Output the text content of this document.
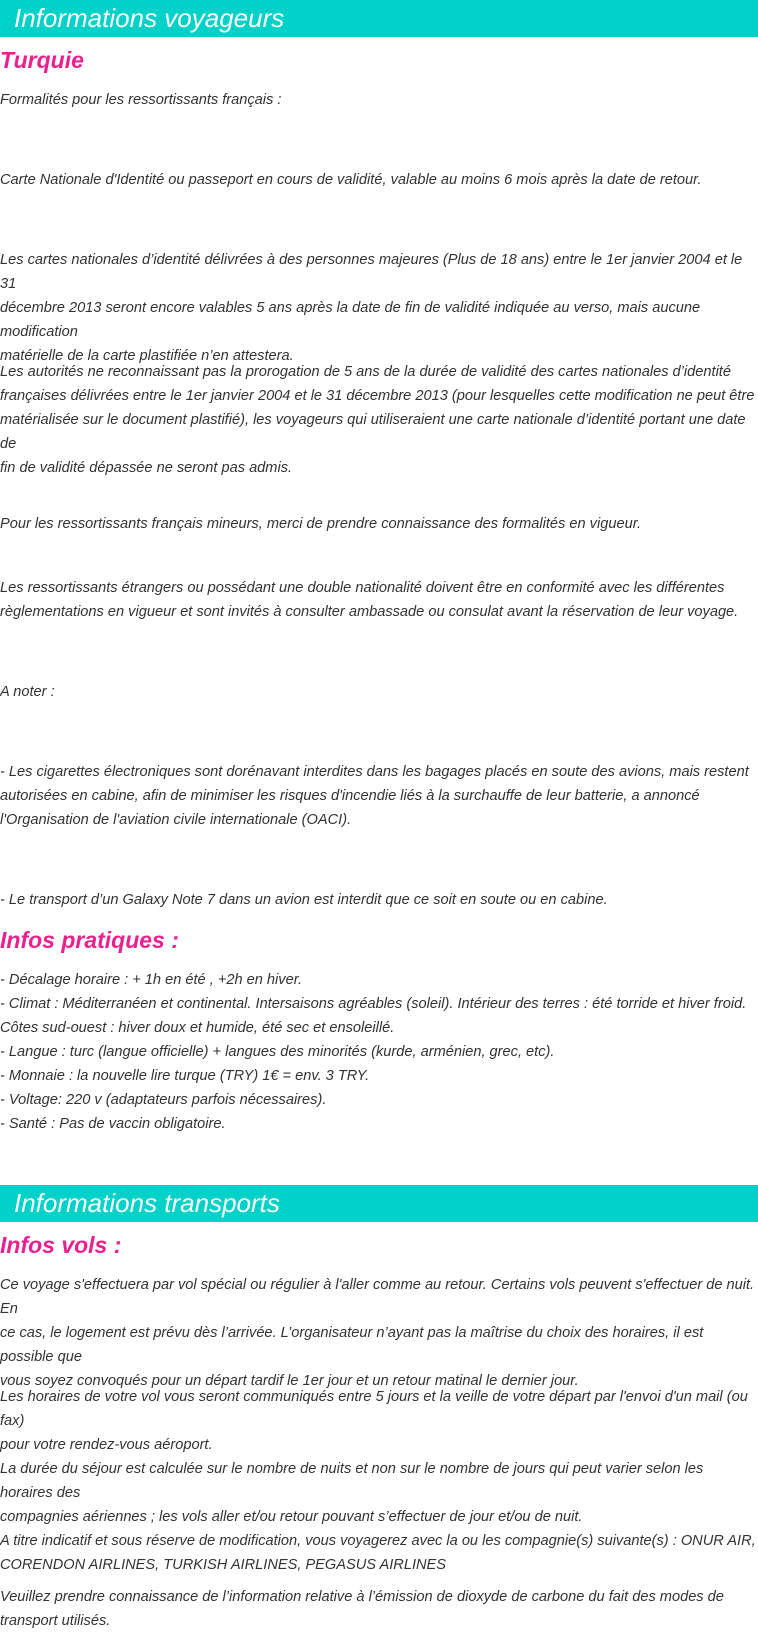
Informations voyageurs
Turquie

Formalités pour les ressortissants français :

Carte Nationale d'Identité ou passeport en cours de validité, valable au moins 6 mois après la date de retour.

Les cartes nationales d’identité délivrées à des personnes majeures (Plus de 18 ans) entre le 1er janvier 2004 et le 31
décembre 2013 seront encore valables 5 ans après la date de fin de validité indiquée au verso, mais aucune modification
matérielle de la carte plastifiée n’en attestera.

Les autorités ne reconnaissant pas la prorogation de 5 ans de la durée de validité des cartes nationales d’identité
françaises délivrées entre le 1er janvier 2004 et le 31 décembre 2013 (pour lesquelles cette modification ne peut être
matérialisée sur le document plastifié), les voyageurs qui utiliseraient une carte nationale d’identité portant une date de
fin de validité dépassée ne seront pas admis.

Pour les ressortissants français mineurs, merci de prendre connaissance des formalités en vigueur.

Les ressortissants étrangers ou possédant une double nationalité doivent être en conformité avec les différentes
règlementations en vigueur et sont invités à consulter ambassade ou consulat avant la réservation de leur voyage.

A noter :

- Les cigarettes électroniques sont dorénavant interdites dans les bagages placés en soute des avions, mais restent
autorisées en cabine, afin de minimiser les risques d'incendie liés à la surchauffe de leur batterie, a annoncé
l'Organisation de l'aviation civile internationale (OACI).

- Le transport d’un Galaxy Note 7 dans un avion est interdit que ce soit en soute ou en cabine.

Infos pratiques :

- Décalage horaire : + 1h en été , +2h en hiver.
- Climat : Méditerranéen et continental. Intersaisons agréables (soleil). Intérieur des terres : été torride et hiver froid.
Côtes sud-ouest : hiver doux et humide, été sec et ensoleillé.
- Langue : turc (langue officielle) + langues des minorités (kurde, arménien, grec, etc).
- Monnaie : la nouvelle lire turque (TRY) 1€ = env. 3 TRY.
- Voltage: 220 v (adaptateurs parfois nécessaires).
- Santé : Pas de vaccin obligatoire.

Informations transports
Infos vols :

Ce voyage s'effectuera par vol spécial ou régulier à l'aller comme au retour. Certains vols peuvent s'effectuer de nuit. En
ce cas, le logement est prévu dès l’arrivée. L’organisateur n’ayant pas la maîtrise du choix des horaires, il est possible que
vous soyez convoqués pour un départ tardif le 1er jour et un retour matinal le dernier jour.

Les horaires de votre vol vous seront communiqués entre 5 jours et la veille de votre départ par l'envoi d'un mail (ou fax)
pour votre rendez-vous aéroport.
La durée du séjour est calculée sur le nombre de nuits et non sur le nombre de jours qui peut varier selon les horaires des
compagnies aériennes ; les vols aller et/ou retour pouvant s’effectuer de jour et/ou de nuit.
A titre indicatif et sous réserve de modification, vous voyagerez avec la ou les compagnie(s) suivante(s) : ONUR AIR,
CORENDON AIRLINES, TURKISH AIRLINES, PEGASUS AIRLINES

Veuillez prendre connaissance de l’information relative à l’émission de dioxyde de carbone du fait des modes de
transport utilisés.
